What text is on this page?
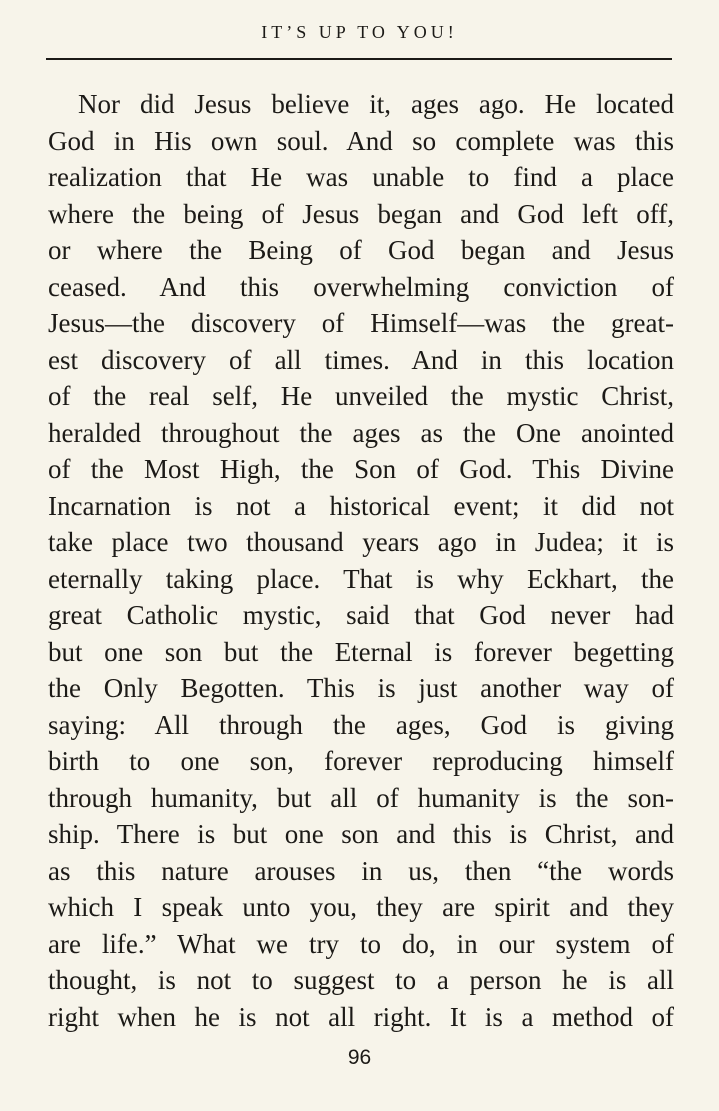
IT’S UP TO YOU!
Nor did Jesus believe it, ages ago. He located
God in His own soul. And so complete was this
realization that He was unable to find a place
where the being of Jesus began and God left off,
or where the Being of God began and Jesus
ceased. And this overwhelming conviction of
Jesus—the discovery of Himself—was the great-
est discovery of all times. And in this location
of the real self, He unveiled the mystic Christ,
heralded throughout the ages as the One anointed
of the Most High, the Son of God. This Divine
Incarnation is not a historical event; it did not
take place two thousand years ago in Judea; it is
eternally taking place. That is why Eckhart, the
great Catholic mystic, said that God never had
but one son but the Eternal is forever begetting
the Only Begotten. This is just another way of
saying: All through the ages, God is giving
birth to one son, forever reproducing himself
through humanity, but all of humanity is the son-
ship. There is but one son and this is Christ, and
as this nature arouses in us, then “the words
which I speak unto you, they are spirit and they
are life.” What we try to do, in our system of
thought, is not to suggest to a person he is all
right when he is not all right. It is a method of
96
